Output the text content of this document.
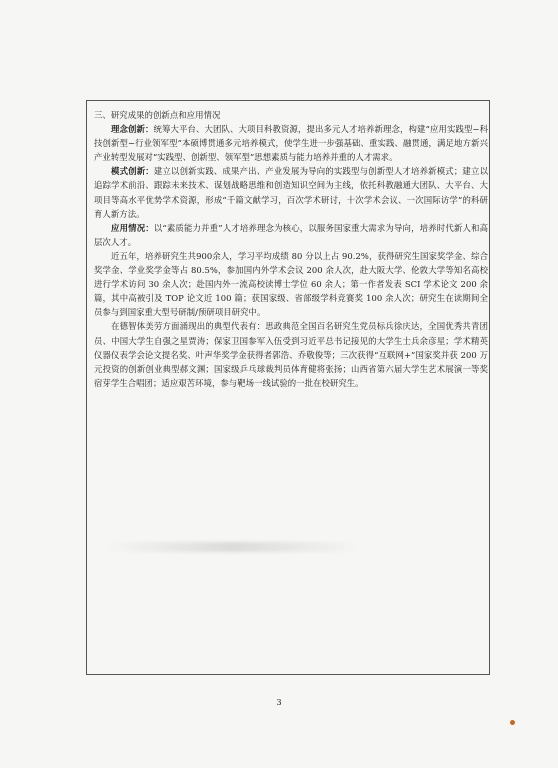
三、研究成果的创新点和应用情况

理念创新：统筹大平台、大团队、大项目科教资源，提出多元人才培养新理念，构建“应用实践型−科技创新型−行业领军型”本硕博贯通多元培养模式，使学生进一步强基础、重实践、融贯通，满足地方新兴产业转型发展对“实践型、创新型、领军型”思想素质与能力培养并重的人才需求。

模式创新：建立以创新实践、成果产出、产业发展为导向的实践型与创新型人才培养新模式；建立以追踪学术前沿、跟踪未来技术、谋划战略思维和创造知识空间为主线，依托科教融通大团队、大平台、大项目等高水平优势学术资源，形成“千篇文献学习，百次学术研讨，十次学术会议、一次国际访学”的科研育人新方法。

应用情况：以“素质能力并重”人才培养理念为核心，以服务国家重大需求为导向，培养时代新人和高层次人才。

近五年，培养研究生共900余人，学习平均成绩 80 分以上占 90.2%，获得研究生国家奖学金、综合奖学金、学业奖学金等占 80.5%，参加国内外学术会议 200 余人次，赴大阪大学、伦敦大学等知名高校进行学术访问 30 余人次；赴国内外一流高校读博士学位 60 余人；第一作者发表 SCI 学术论文 200 余篇，其中高被引及 TOP 论文近 100 篇；获国家级、省部级学科竞赛奖 100 余人次；研究生在读期间全员参与到国家重大型号研制/预研项目研究中。

在德智体美劳方面涌现出的典型代表有：思政典范全国百名研究生党员标兵徐庆达，全国优秀共青团员、中国大学生自强之星贾涛；保家卫国参军入伍受到习近平总书记接见的大学生士兵余彦星；学术精英仪器仪表学会论文提名奖、叶声华奖学金获得者郭浩、乔敬俊等；三次获得“互联网+”国家奖并获 200 万元投资的创新创业典型郝文渊；国家级乒乓球裁判员体育健将张扬；山西省第六届大学生艺术展演一等奖宿芽学生合唱团；适应艰苦环境，参与靶场一线试验的一批在校研究生。

3
